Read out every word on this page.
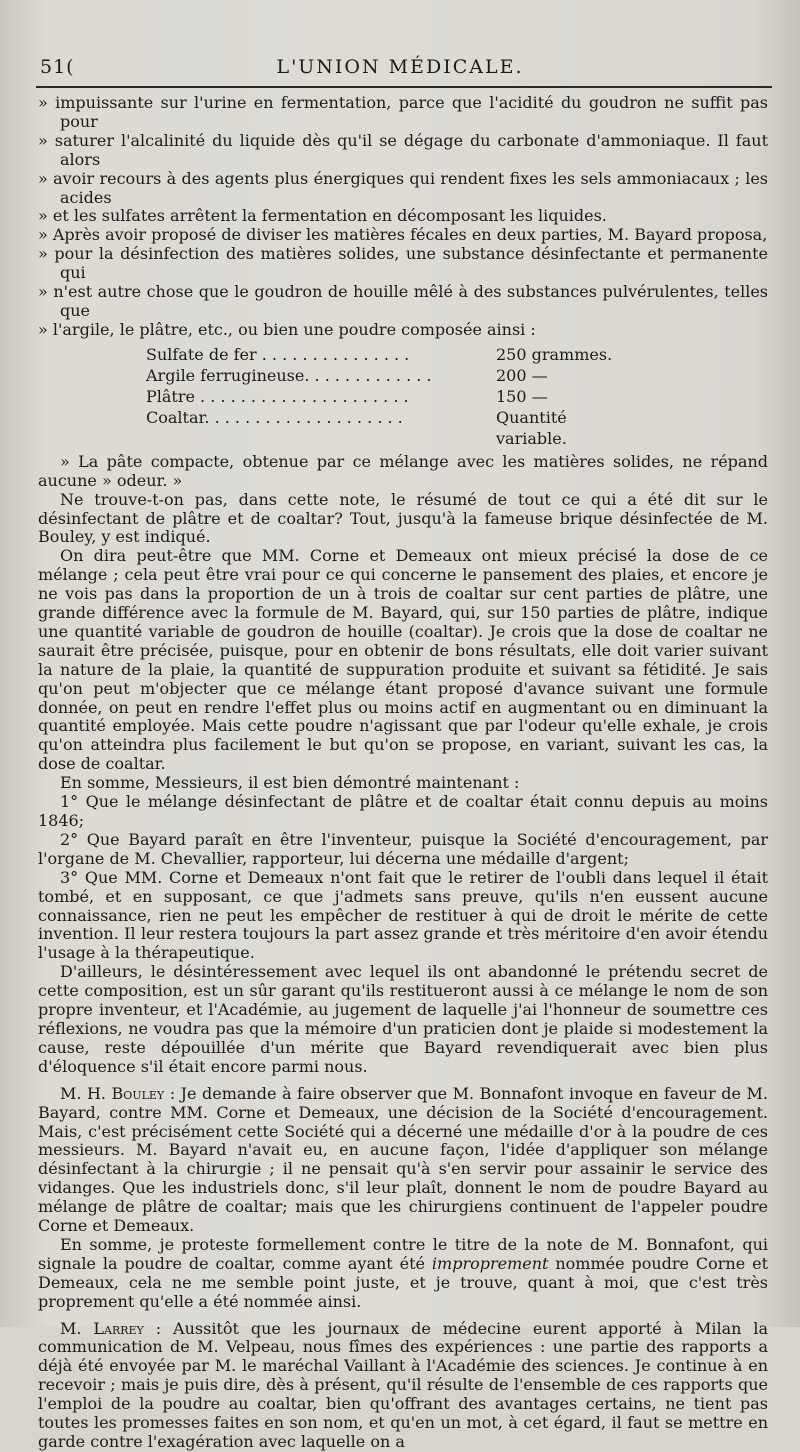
51(	L'UNION MÉDICALE.
» impuissante sur l'urine en fermentation, parce que l'acidité du goudron ne suffit pas pour
» saturer l'alcalinité du liquide dès qu'il se dégage du carbonate d'ammoniaque. Il faut alors
» avoir recours à des agents plus énergiques qui rendent fixes les sels ammoniacaux ; les acides
» et les sulfates arrêtent la fermentation en décomposant les liquides.
» Après avoir proposé de diviser les matières fécales en deux parties, M. Bayard proposa,
» pour la désinfection des matières solides, une substance désinfectante et permanente qui
» n'est autre chose que le goudron de houille mêlé à des substances pulvérulentes, telles que
» l'argile, le plâtre, etc., ou bien une poudre composée ainsi :
Sulfate de fer . . . . . . . . . . . . . . .	250 grammes.
Argile ferrugineuse. . . . . . . . . . . . .	200 —
Plâtre . . . . . . . . . . . . . . . . . . . . .	150 —
Coaltar. . . . . . . . . . . . . . . . . . . .	Quantité variable.

» La pâte compacte, obtenue par ce mélange avec les matières solides, ne répand aucune » odeur. »

Ne trouve-t-on pas, dans cette note, le résumé de tout ce qui a été dit sur le désinfectant de plâtre et de coaltar? Tout, jusqu'à la fameuse brique désinfectée de M. Bouley, y est indiqué.

On dira peut-être que MM. Corne et Demeaux ont mieux précisé la dose de ce mélange ; cela peut être vrai pour ce qui concerne le pansement des plaies, et encore je ne vois pas dans la proportion de un à trois de coaltar sur cent parties de plâtre, une grande différence avec la formule de M. Bayard, qui, sur 150 parties de plâtre, indique une quantité variable de goudron de houille (coaltar). Je crois que la dose de coaltar ne saurait être précisée, puisque, pour en obtenir de bons résultats, elle doit varier suivant la nature de la plaie, la quantité de suppuration produite et suivant sa fétidité. Je sais qu'on peut m'objecter que ce mélange étant proposé d'avance suivant une formule donnée, on peut en rendre l'effet plus ou moins actif en augmentant ou en diminuant la quantité employée. Mais cette poudre n'agissant que par l'odeur qu'elle exhale, je crois qu'on atteindra plus facilement le but qu'on se propose, en variant, suivant les cas, la dose de coaltar.

En somme, Messieurs, il est bien démontré maintenant :

1° Que le mélange désinfectant de plâtre et de coaltar était connu depuis au moins 1846;

2° Que Bayard paraît en être l'inventeur, puisque la Société d'encouragement, par l'organe de M. Chevallier, rapporteur, lui décerna une médaille d'argent;

3° Que MM. Corne et Demeaux n'ont fait que le retirer de l'oubli dans lequel il était tombé, et en supposant, ce que j'admets sans preuve, qu'ils n'en eussent aucune connaissance, rien ne peut les empêcher de restituer à qui de droit le mérite de cette invention. Il leur restera toujours la part assez grande et très méritoire d'en avoir étendu l'usage à la thérapeutique.

D'ailleurs, le désintéressement avec lequel ils ont abandonné le prétendu secret de cette composition, est un sûr garant qu'ils restitueront aussi à ce mélange le nom de son propre inventeur, et l'Académie, au jugement de laquelle j'ai l'honneur de soumettre ces réflexions, ne voudra pas que la mémoire d'un praticien dont je plaide si modestement la cause, reste dépouillée d'un mérite que Bayard revendiquerait avec bien plus d'éloquence s'il était encore parmi nous.

M. H. Bouley : Je demande à faire observer que M. Bonnafont invoque en faveur de M. Bayard, contre MM. Corne et Demeaux, une décision de la Société d'encouragement. Mais, c'est précisément cette Société qui a décerné une médaille d'or à la poudre de ces messieurs. M. Bayard n'avait eu, en aucune façon, l'idée d'appliquer son mélange désinfectant à la chirurgie ; il ne pensait qu'à s'en servir pour assainir le service des vidanges. Que les industriels donc, s'il leur plaît, donnent le nom de poudre Bayard au mélange de plâtre de coaltar; mais que les chirurgiens continuent de l'appeler poudre Corne et Demeaux.

En somme, je proteste formellement contre le titre de la note de M. Bonnafont, qui signale la poudre de coaltar, comme ayant été improprement nommée poudre Corne et Demeaux, cela ne me semble point juste, et je trouve, quant à moi, que c'est très proprement qu'elle a été nommée ainsi.

M. Larrey : Aussitôt que les journaux de médecine eurent apporté à Milan la communication de M. Velpeau, nous fîmes des expériences : une partie des rapports a déjà été envoyée par M. le maréchal Vaillant à l'Académie des sciences. Je continue à en recevoir ; mais je puis dire, dès à présent, qu'il résulte de l'ensemble de ces rapports que l'emploi de la poudre au coaltar, bien qu'offrant des avantages certains, ne tient pas toutes les promesses faites en son nom, et qu'en un mot, à cet égard, il faut se mettre en garde contre l'exagération avec laquelle on a
